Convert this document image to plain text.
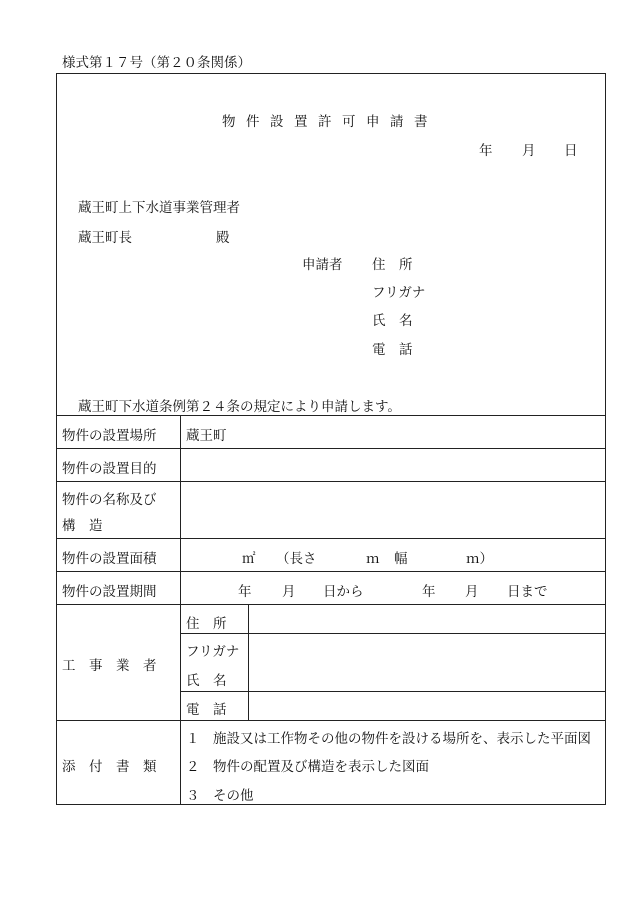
様式第１７号（第２０条関係）
物件設置許可申請書
年 月 日
蔵王町上下水道事業管理者
蔵王町長	殿
申請者 住　所
フリガナ
氏　名
電　話
蔵王町下水道条例第２４条の規定により申請します。
物件の設置場所	蔵王町
物件の設置目的
物件の名称及び
構　造
物件の設置面積	㎡ （長さ	ｍ 幅	ｍ）
物件の設置期間	年 月 日から	年 月 日まで
工　事　業　者
住　所
フリガナ
氏　名
電　話
添　付　書　類
１　施設又は工作物その他の物件を設ける場所を、表示した平面図
２　物件の配置及び構造を表示した図面
３　その他
